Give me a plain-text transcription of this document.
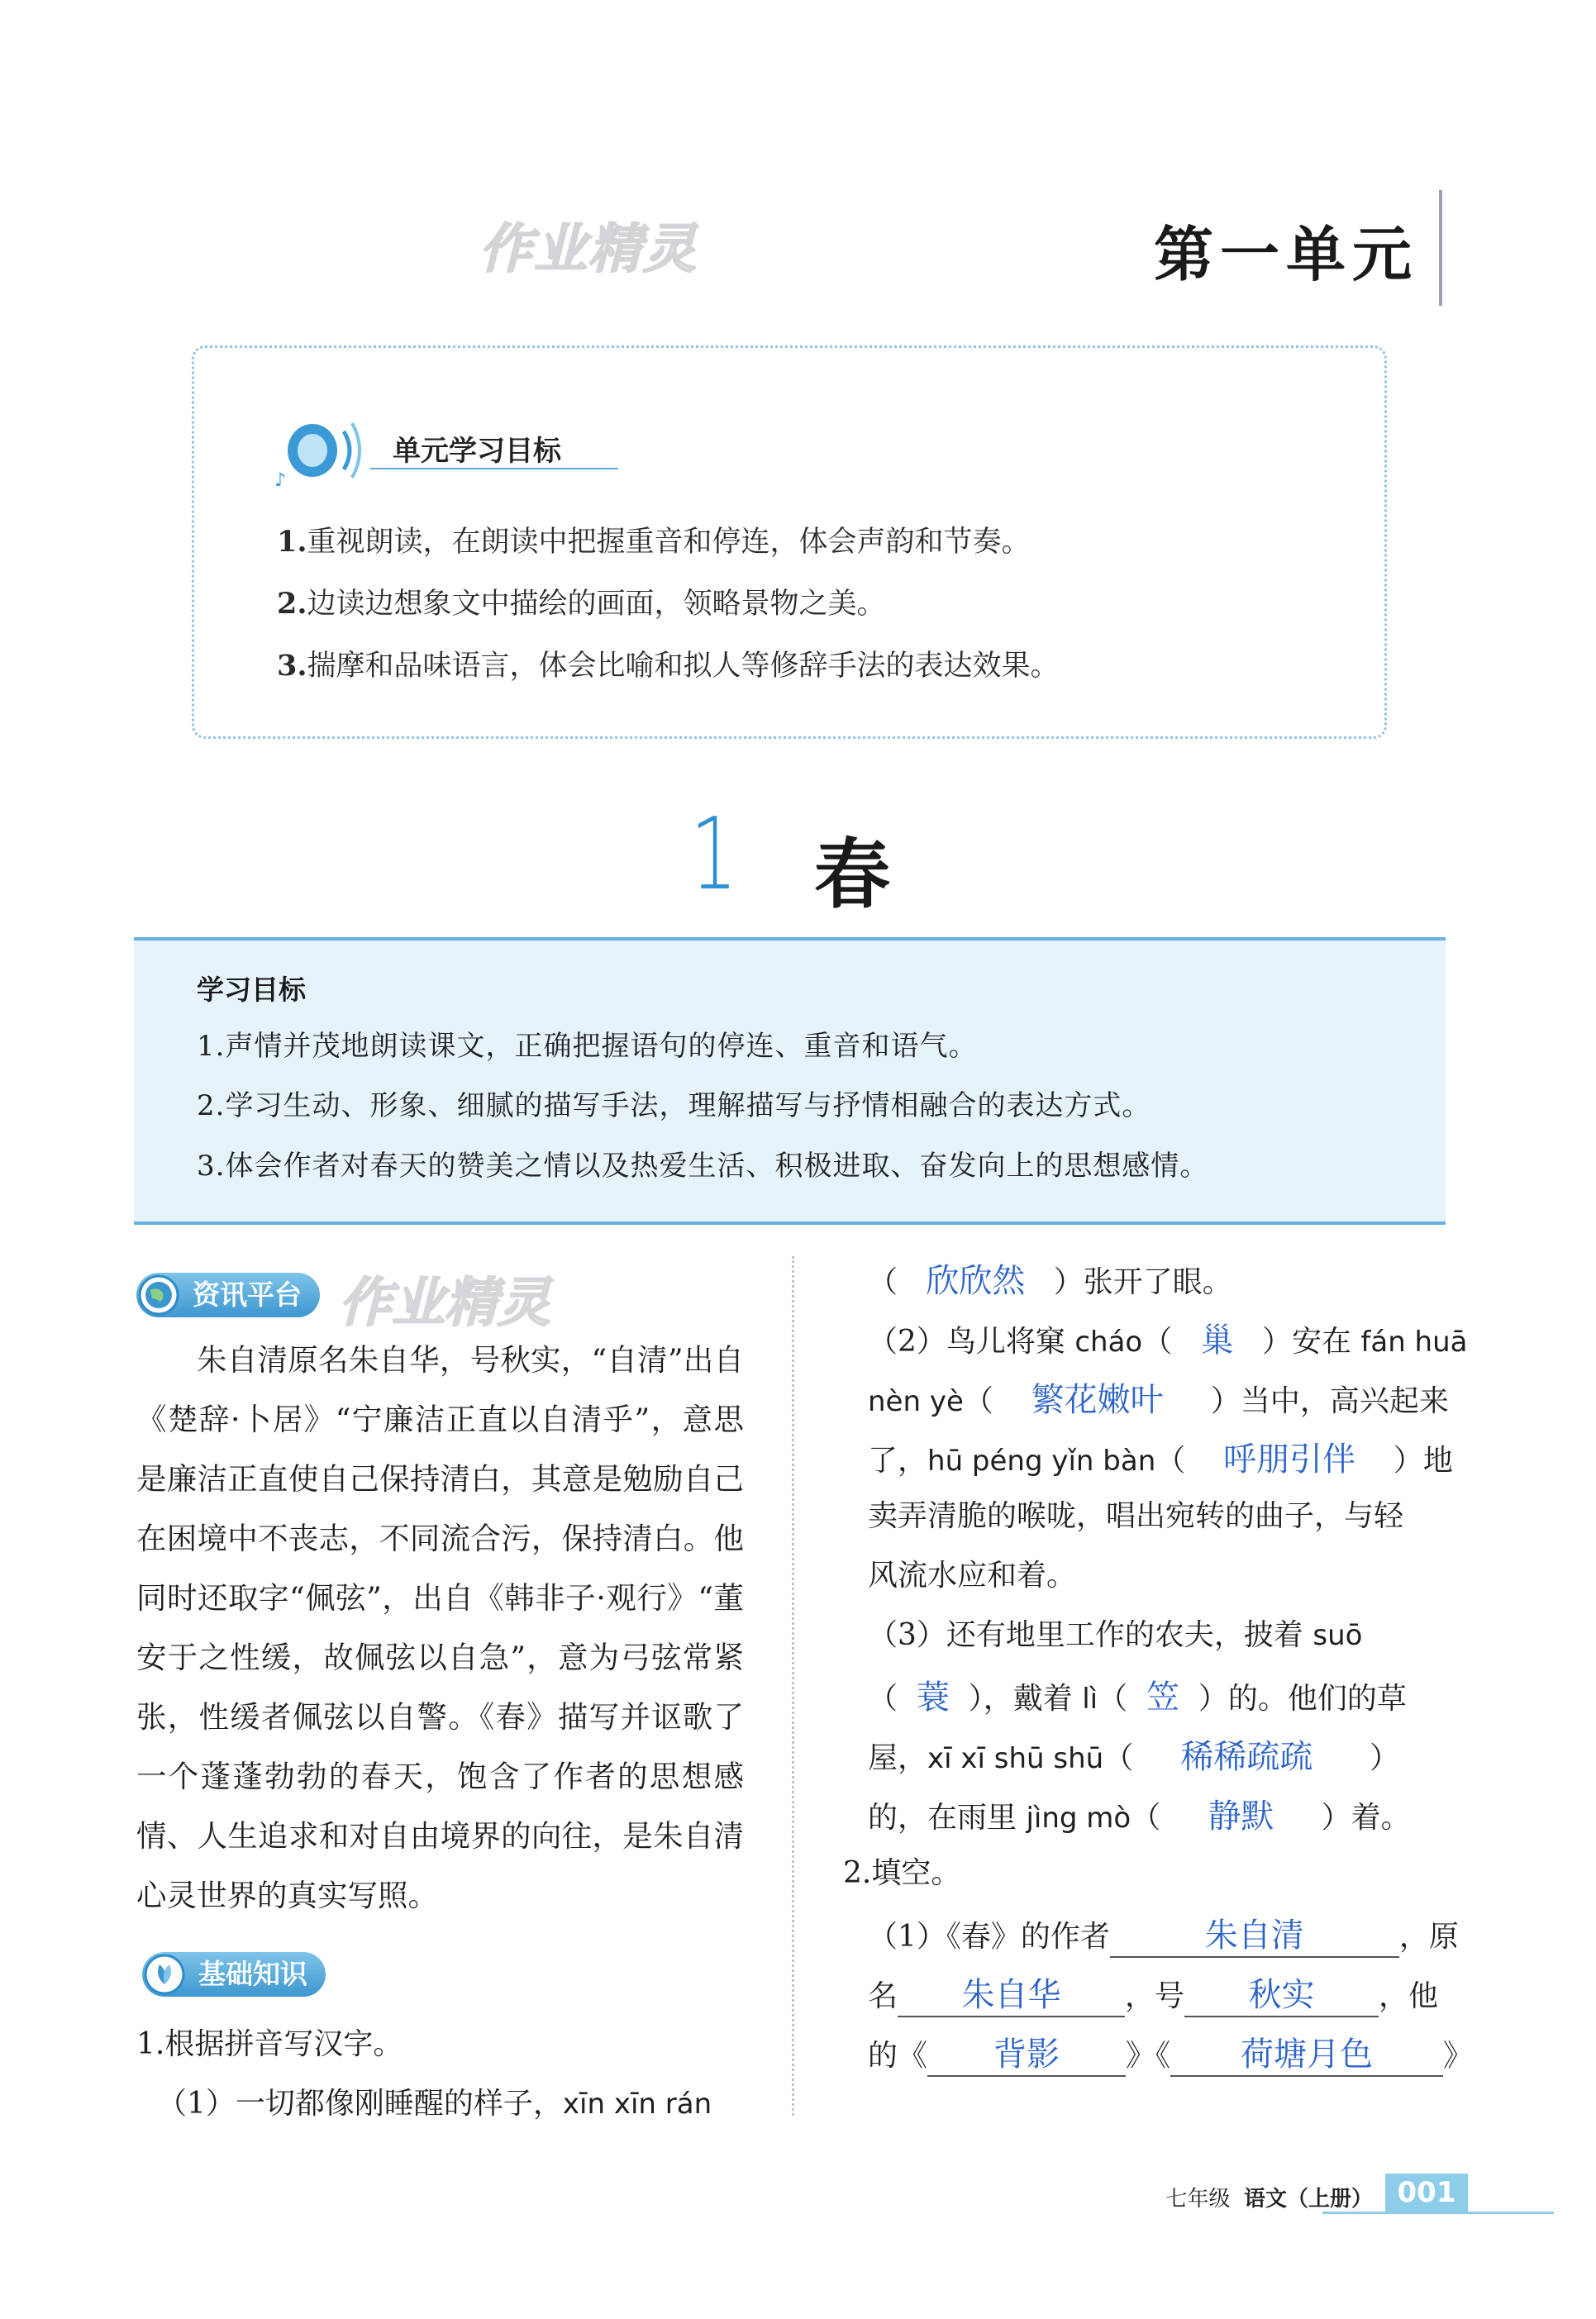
作业精灵	第一单元
♪
单元学习目标
1.重视朗读，在朗读中把握重音和停连，体会声韵和节奏。
2.边读边想象文中描绘的画面，领略景物之美。
3.揣摩和品味语言，体会比喻和拟人等修辞手法的表达效果。
1 春
学习目标
1.声情并茂地朗读课文，正确把握语句的停连、重音和语气。
2.学习生动、形象、细腻的描写手法，理解描写与抒情相融合的表达方式。
3.体会作者对春天的赞美之情以及热爱生活、积极进取、奋发向上的思想感情。
资讯平台 作业精灵
朱自清原名朱自华，号秋实，“自清”出自《楚辞·卜居》“宁廉洁正直以自清乎”，意思是廉洁正直使自己保持清白，其意是勉励自己在困境中不丧志，不同流合污，保持清白。他同时还取字“佩弦”，出自《韩非子·观行》“董安于之性缓，故佩弦以自急”，意为弓弦常紧张，性缓者佩弦以自警。《春》描写并讴歌了一个蓬蓬勃勃的春天，饱含了作者的思想感情、人生追求和对自由境界的向往，是朱自清心灵世界的真实写照。
基础知识
1.根据拼音写汉字。
（1）一切都像刚睡醒的样子，xīn xīn rán
（   欣欣然 ）张开了眼。
（2）鸟儿将窠 cháo（   巢 ）安在 fán huā
nèn yè（    繁花嫩叶 ）当中，高兴起来
了，hū péng yǐn bàn（    呼朋引伴 ）地
卖弄清脆的喉咙，唱出宛转的曲子，与轻
风流水应和着。
（3）还有地里工作的农夫，披着 suō
（  蓑 ），戴着 lì（  笠 ）的。他们的草
屋，xī xī shū shū（     稀稀疏疏      ）
的，在雨里 jìng mò（     静默 ）着。
2.填空。
（1）《春》的作者	朱自清	，原
名 朱自华 ，号 秋实 ，他
的《 背影 》《 荷塘月色 》
七年级 语文（上册） 001
